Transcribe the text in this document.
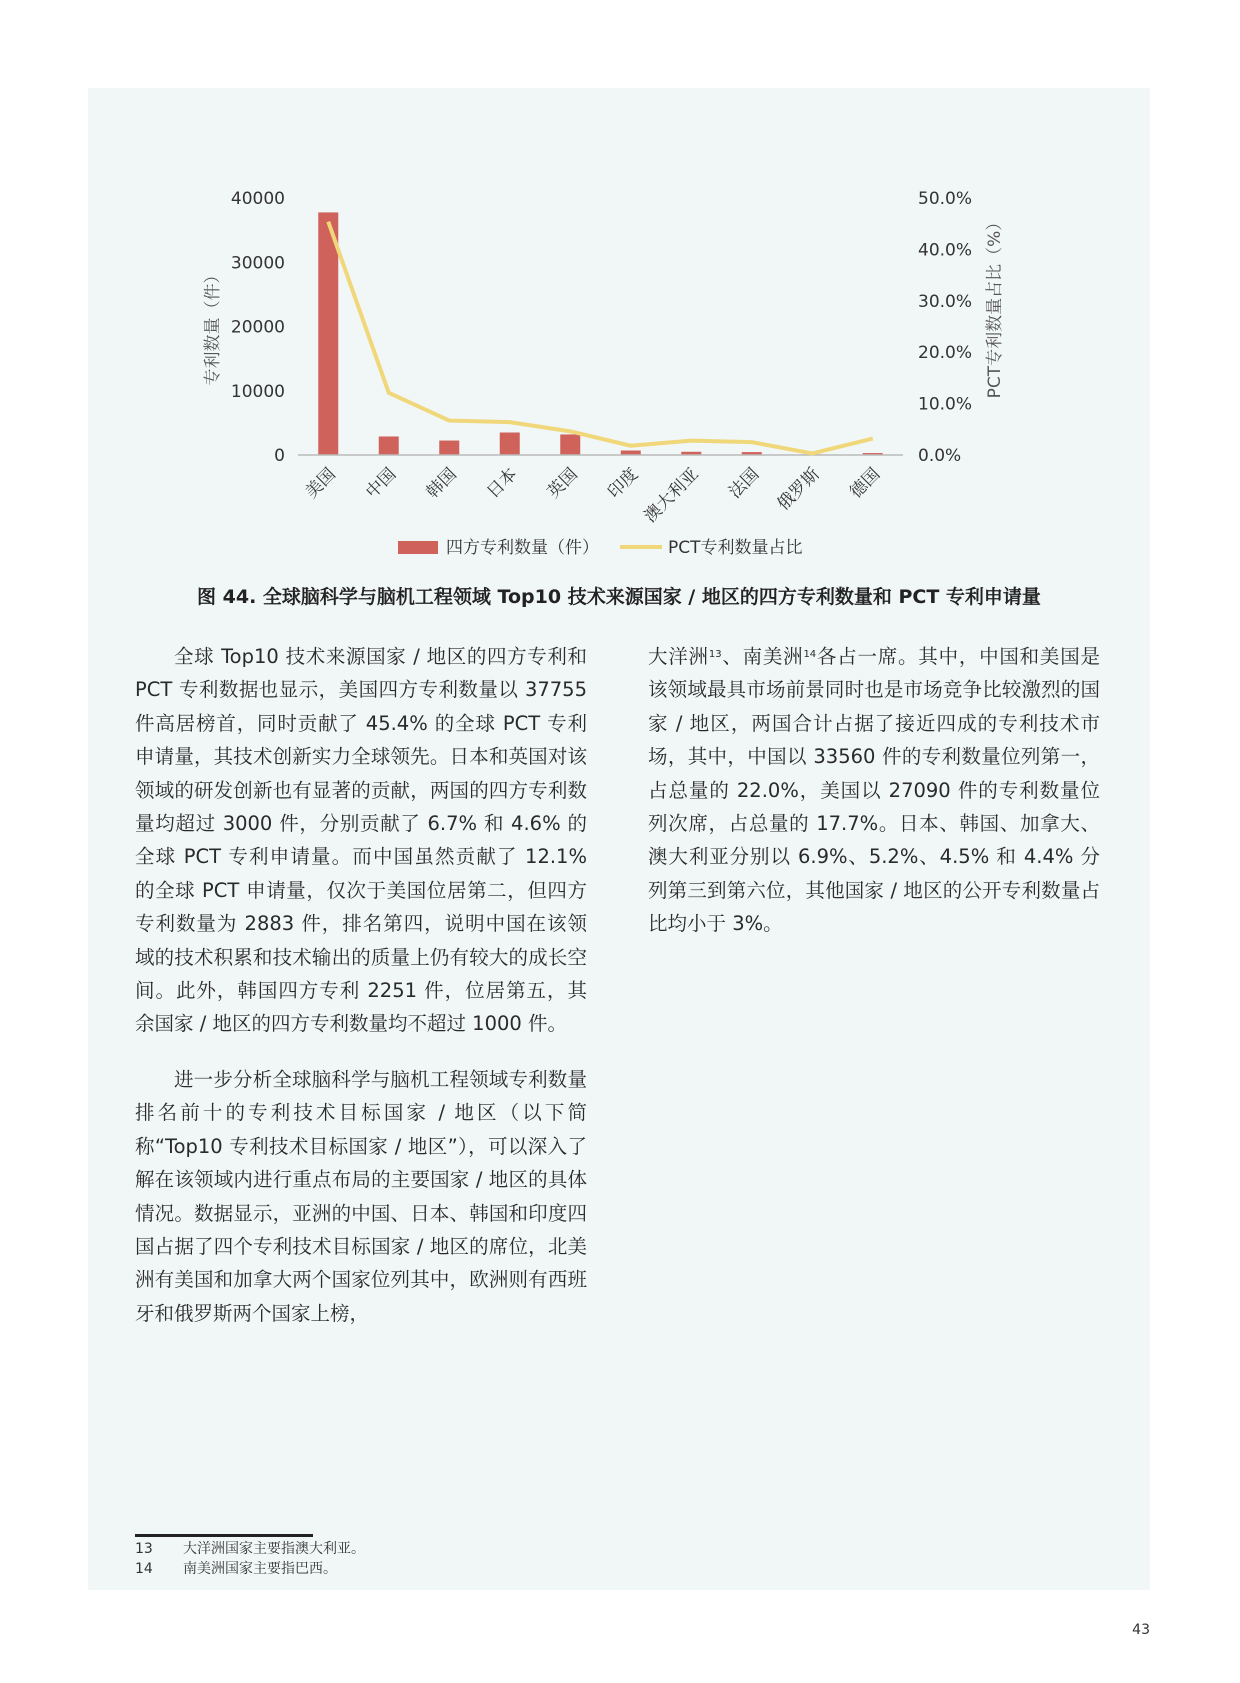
0
10000
20000
30000
40000
0.0%
10.0%
20.0%
30.0%
40.0%
50.0%
专利数量（件）	PCT专利数量占比（%）
美国 中国 韩国 日本 英国 印度
澳大利亚 法国 俄罗斯 德国
四方专利数量（件）	PCT专利数量占比
图 44. 全球脑科学与脑机工程领域 Top10 技术来源国家 / 地区的四方专利数量和 PCT 专利申请量

全球 Top10 技术来源国家 / 地区的四方专利和 PCT 专利数据也显示，美国四方专利数量以 37755 件高居榜首，同时贡献了 45.4% 的全球 PCT 专利申请量，其技术创新实力全球领先。日本和英国对该领域的研发创新也有显著的贡献，两国的四方专利数量均超过 3000 件，分别贡献了 6.7% 和 4.6% 的全球 PCT 专利申请量。而中国虽然贡献了 12.1% 的全球 PCT 申请量，仅次于美国位居第二，但四方专利数量为 2883 件，排名第四，说明中国在该领域的技术积累和技术输出的质量上仍有较大的成长空间。此外，韩国四方专利 2251 件，位居第五，其余国家 / 地区的四方专利数量均不超过 1000 件。

进一步分析全球脑科学与脑机工程领域专利数量排名前十的专利技术目标国家 / 地区（以下简称“Top10 专利技术目标国家 / 地区”），可以深入了解在该领域内进行重点布局的主要国家 / 地区的具体情况。数据显示，亚洲的中国、日本、韩国和印度四国占据了四个专利技术目标国家 / 地区的席位，北美洲有美国和加拿大两个国家位列其中，欧洲则有西班牙和俄罗斯两个国家上榜，

大洋洲$^{13}$、南美洲$^{14}$各占一席。其中，中国和美国是该领域最具市场前景同时也是市场竞争比较激烈的国家 / 地区，两国合计占据了接近四成的专利技术市场，其中，中国以 33560 件的专利数量位列第一，占总量的 22.0%，美国以 27090 件的专利数量位列次席，占总量的 17.7%。日本、韩国、加拿大、澳大利亚分别以 6.9%、5.2%、4.5% 和 4.4% 分列第三到第六位，其他国家 / 地区的公开专利数量占比均小于 3%。

13 大洋洲国家主要指澳大利亚。
14 南美洲国家主要指巴西。
43
